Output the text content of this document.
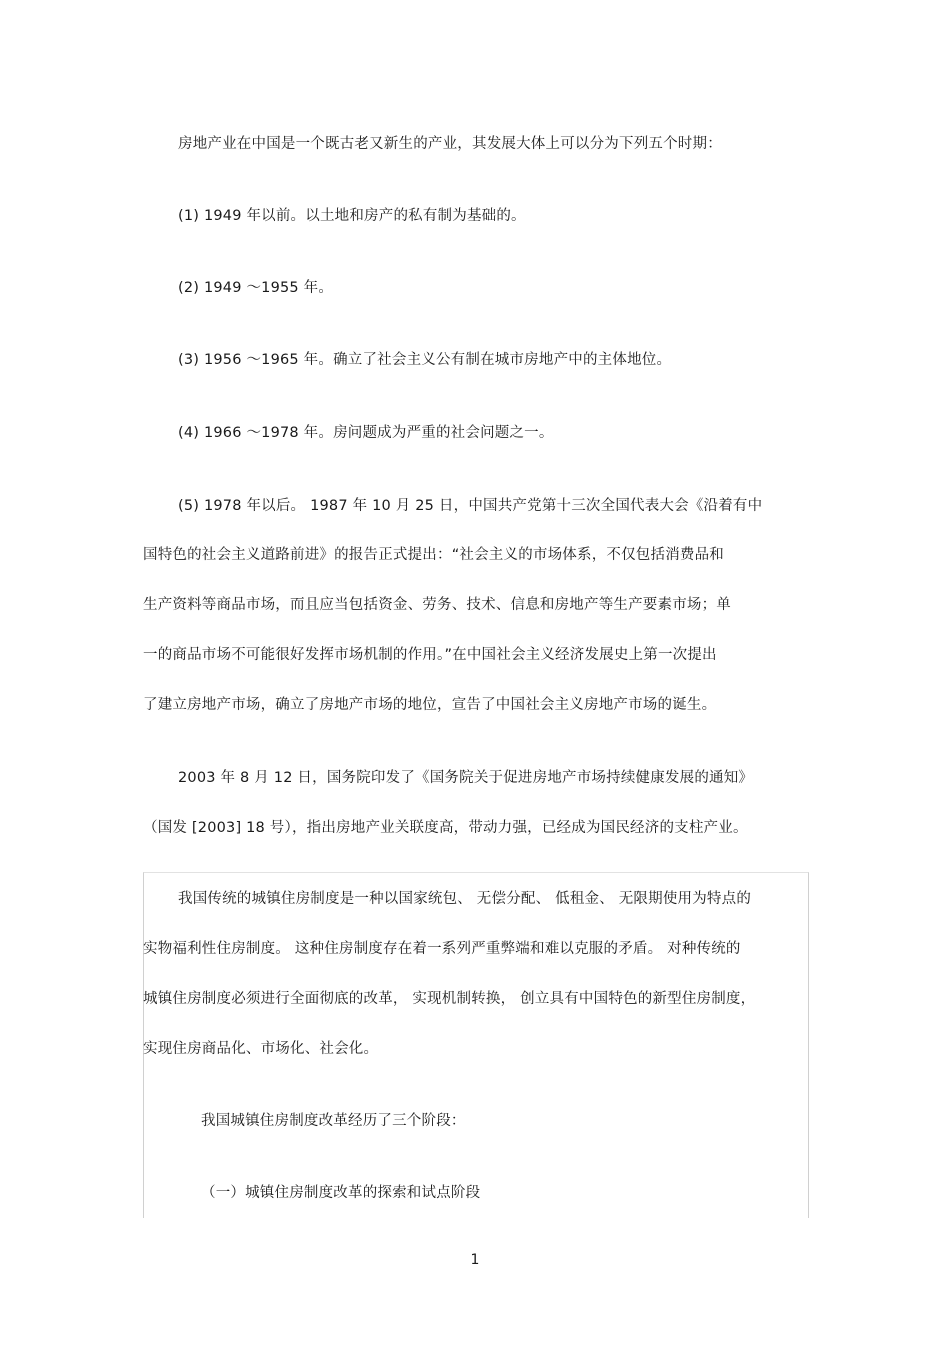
房地产业在中国是一个既古老又新生的产业，其发展大体上可以分为下列五个时期：
(1) 1949 年以前。以土地和房产的私有制为基础的。
(2) 1949 ～1955 年。
(3) 1956 ～1965 年。确立了社会主义公有制在城市房地产中的主体地位。
(4) 1966 ～1978 年。房问题成为严重的社会问题之一。
(5) 1978 年以后。 1987 年 10 月 25 日，中国共产党第十三次全国代表大会《沿着有中
国特色的社会主义道路前进》的报告正式提出：“社会主义的市场体系，不仅包括消费品和
生产资料等商品市场，而且应当包括资金、劳务、技术、信息和房地产等生产要素市场；单
一的商品市场不可能很好发挥市场机制的作用。”在中国社会主义经济发展史上第一次提出
了建立房地产市场，确立了房地产市场的地位，宣告了中国社会主义房地产市场的诞生。
2003 年 8 月 12 日，国务院印发了《国务院关于促进房地产市场持续健康发展的通知》
（国发 [2003] 18 号），指出房地产业关联度高，带动力强，已经成为国民经济的支柱产业。
我国传统的城镇住房制度是一种以国家统包、 无偿分配、 低租金、 无限期使用为特点的
实物福利性住房制度。 这种住房制度存在着一系列严重弊端和难以克服的矛盾。 对种传统的
城镇住房制度必须进行全面彻底的改革， 实现机制转换， 创立具有中国特色的新型住房制度，
实现住房商品化、市场化、社会化。
我国城镇住房制度改革经历了三个阶段：
（一）城镇住房制度改革的探索和试点阶段
1
